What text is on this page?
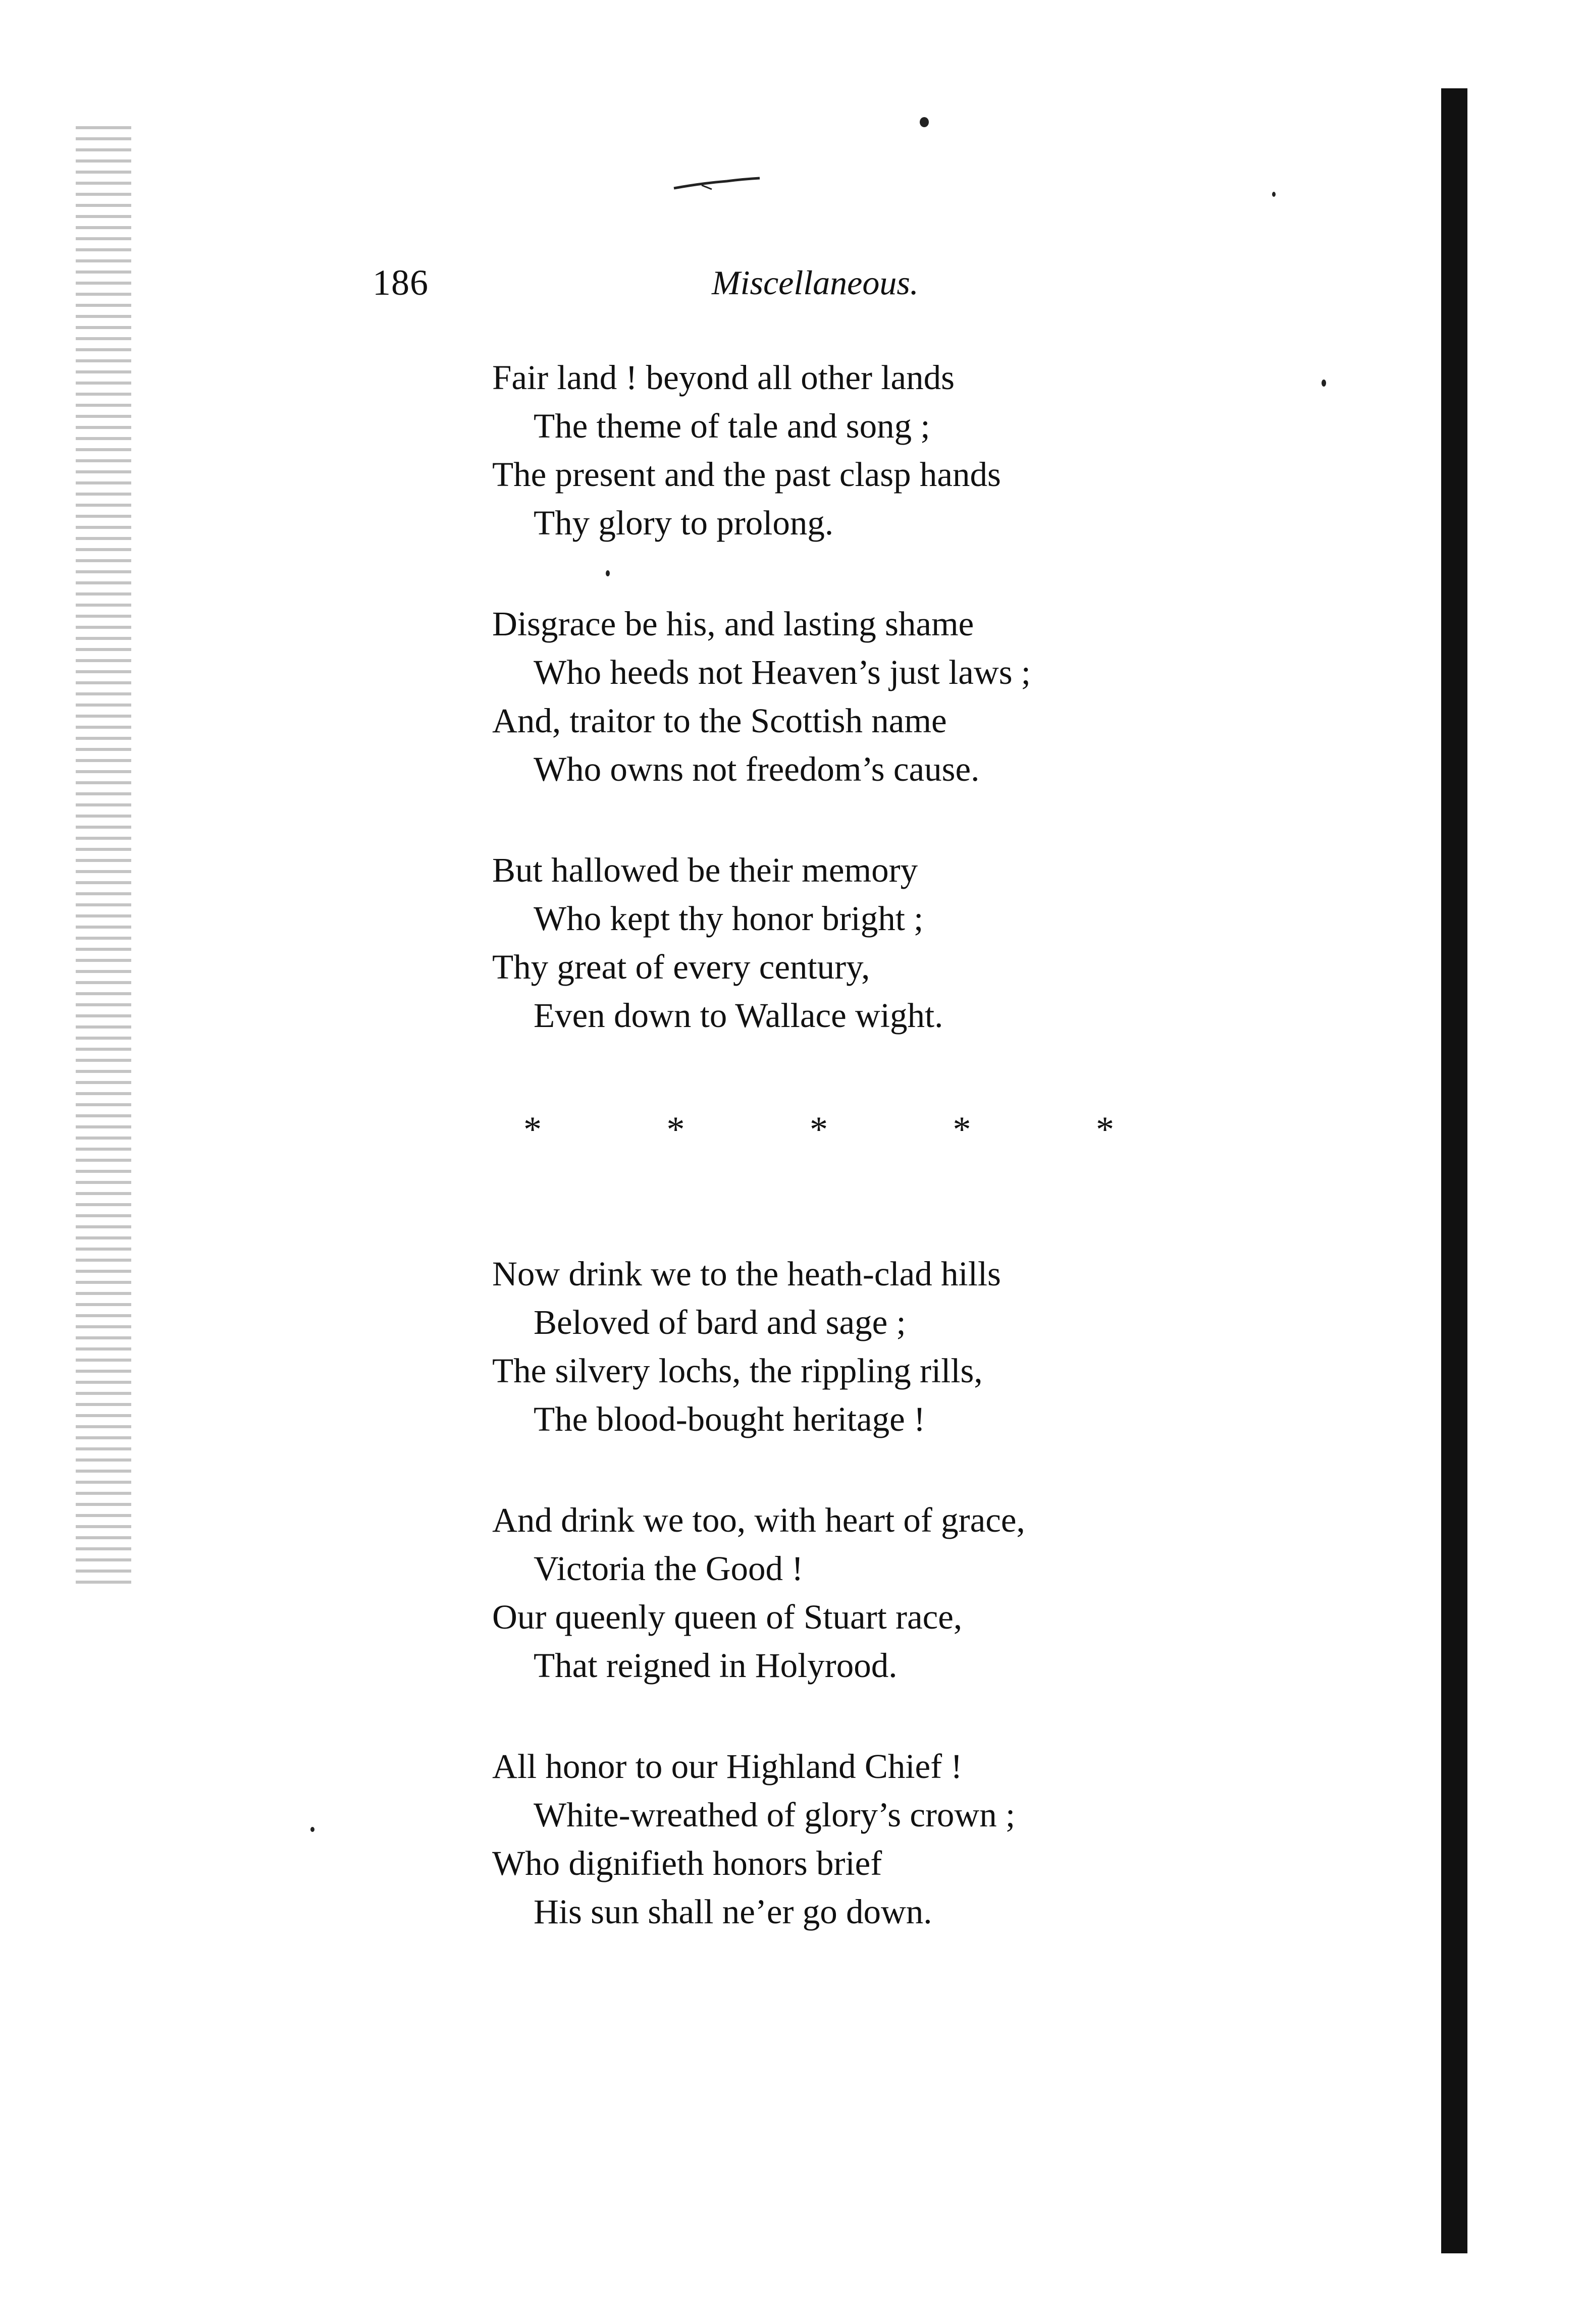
186	Miscellaneous.
Fair land ! beyond all other lands
The theme of tale and song ;
The present and the past clasp hands
Thy glory to prolong.
Disgrace be his, and lasting shame
Who heeds not Heaven’s just laws ;
And, traitor to the Scottish name
Who owns not freedom’s cause.
But hallowed be their memory
Who kept thy honor bright ;
Thy great of every century,
Even down to Wallace wight.
*	*	*	*	*
Now drink we to the heath-clad hills
Beloved of bard and sage ;
The silvery lochs, the rippling rills,
The blood-bought heritage !
And drink we too, with heart of grace,
Victoria the Good !
Our queenly queen of Stuart race,
That reigned in Holyrood.
All honor to our Highland Chief !
White-wreathed of glory’s crown ;
Who dignifieth honors brief
His sun shall ne’er go down.
